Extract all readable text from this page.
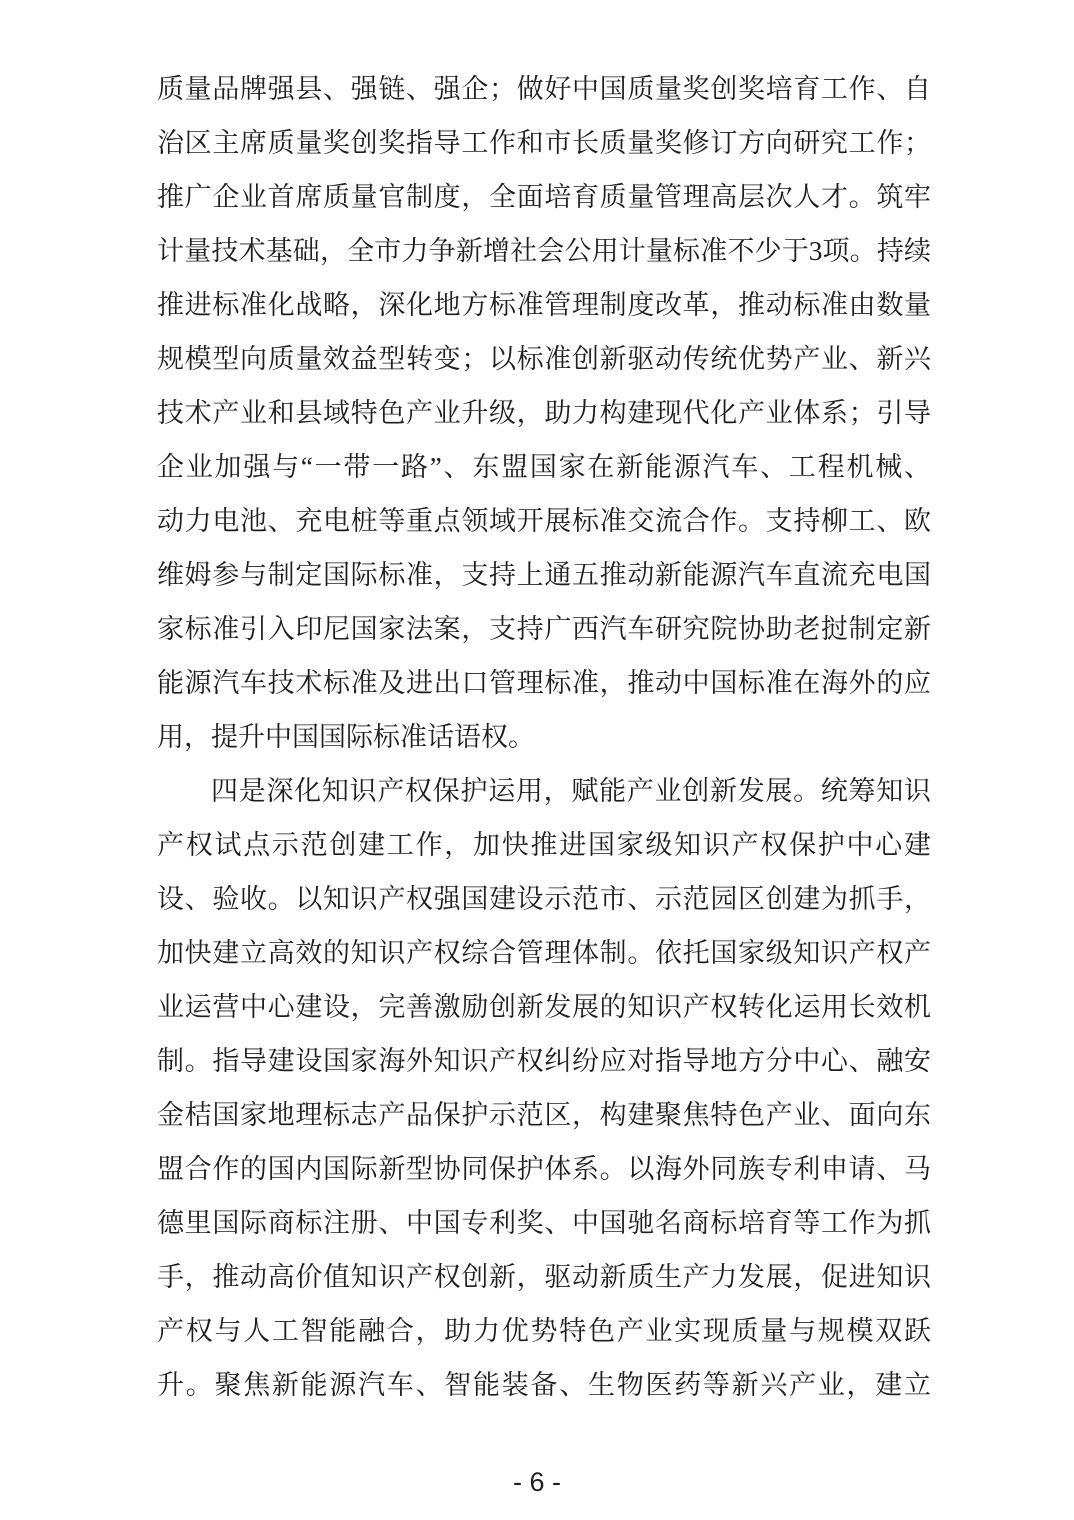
质量品牌强县、强链、强企；做好中国质量奖创奖培育工作、自
治区主席质量奖创奖指导工作和市长质量奖修订方向研究工作；
推广企业首席质量官制度，全面培育质量管理高层次人才。筑牢
计量技术基础，全市力争新增社会公用计量标准不少于3项。持续
推进标准化战略，深化地方标准管理制度改革，推动标准由数量
规模型向质量效益型转变；以标准创新驱动传统优势产业、新兴
技术产业和县域特色产业升级，助力构建现代化产业体系；引导
企业加强与“一带一路”、东盟国家在新能源汽车、工程机械、
动力电池、充电桩等重点领域开展标准交流合作。支持柳工、欧
维姆参与制定国际标准，支持上通五推动新能源汽车直流充电国
家标准引入印尼国家法案，支持广西汽车研究院协助老挝制定新
能源汽车技术标准及进出口管理标准，推动中国标准在海外的应
用，提升中国国际标准话语权。
四是深化知识产权保护运用，赋能产业创新发展。统筹知识
产权试点示范创建工作，加快推进国家级知识产权保护中心建
设、验收。以知识产权强国建设示范市、示范园区创建为抓手，
加快建立高效的知识产权综合管理体制。依托国家级知识产权产
业运营中心建设，完善激励创新发展的知识产权转化运用长效机
制。指导建设国家海外知识产权纠纷应对指导地方分中心、融安
金桔国家地理标志产品保护示范区，构建聚焦特色产业、面向东
盟合作的国内国际新型协同保护体系。以海外同族专利申请、马
德里国际商标注册、中国专利奖、中国驰名商标培育等工作为抓
手，推动高价值知识产权创新，驱动新质生产力发展，促进知识
产权与人工智能融合，助力优势特色产业实现质量与规模双跃
升。聚焦新能源汽车、智能装备、生物医药等新兴产业，建立
- 6 -
